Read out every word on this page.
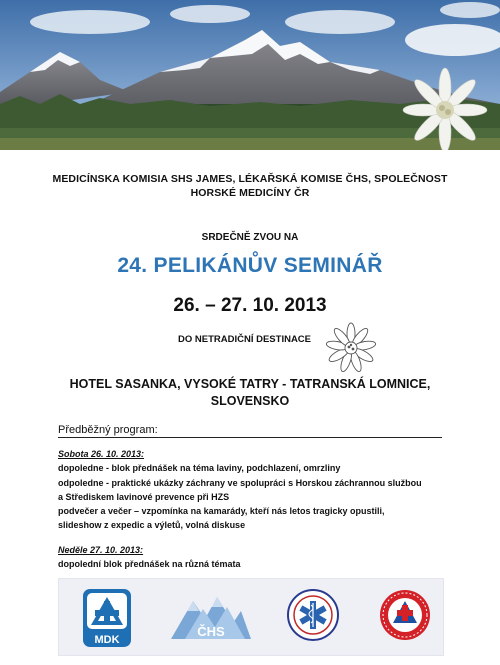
MEDICÍNSKA KOMISIA SHS JAMES, LÉKAŘSKÁ KOMISE ČHS, SPOLEČNOST HORSKÉ MEDICÍNY ČR
SRDEČNĚ ZVOU NA
24. PELIKÁNŮV SEMINÁŘ
26. – 27. 10. 2013
DO NETRADIČNÍ DESTINACE
HOTEL SASANKA, VYSOKÉ TATRY - TATRANSKÁ LOMNICE, SLOVENSKO
Předběžný program:
Sobota 26. 10. 2013:
dopoledne - blok přednášek na téma laviny, podchlazení, omrzliny
odpoledne - praktické ukázky záchrany ve spolupráci s Horskou záchrannou službou
a Střediskem lavinové prevence při HZS
podvečer a večer – vzpomínka na kamarády, kteří nás letos tragicky opustili,
slideshow z expedic a výletů, volná diskuse
Neděle 27. 10. 2013:
dopolední blok přednášek na různá témata
MDK
ČHS
